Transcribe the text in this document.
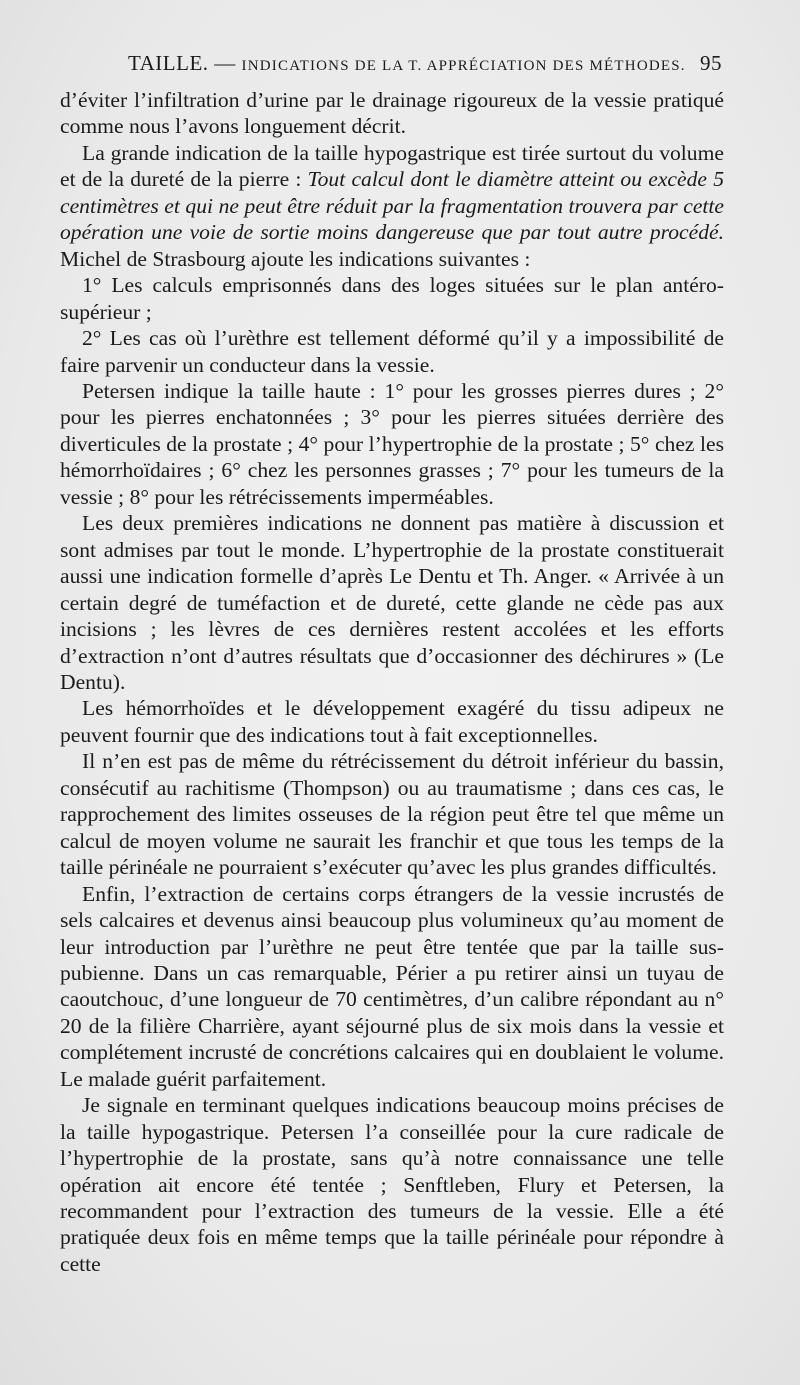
TAILLE. — INDICATIONS DE LA T. APPRÉCIATION DES MÉTHODES. 95

d’éviter l’infiltration d’urine par le drainage rigoureux de la vessie pratiqué comme nous l’avons longuement décrit.

La grande indication de la taille hypogastrique est tirée surtout du volume et de la dureté de la pierre : Tout calcul dont le diamètre atteint ou excède 5 centimètres et qui ne peut être réduit par la fragmentation trouvera par cette opération une voie de sortie moins dangereuse que par tout autre procédé. Michel de Strasbourg ajoute les indications suivantes :

1° Les calculs emprisonnés dans des loges situées sur le plan antéro-supérieur ;

2° Les cas où l’urèthre est tellement déformé qu’il y a impossibilité de faire parvenir un conducteur dans la vessie.

Petersen indique la taille haute : 1° pour les grosses pierres dures ; 2° pour les pierres enchatonnées ; 3° pour les pierres situées derrière des diverticules de la prostate ; 4° pour l’hypertrophie de la prostate ; 5° chez les hémorrhoïdaires ; 6° chez les personnes grasses ; 7° pour les tumeurs de la vessie ; 8° pour les rétrécissements imperméables.

Les deux premières indications ne donnent pas matière à discussion et sont admises par tout le monde. L’hypertrophie de la prostate constituerait aussi une indication formelle d’après Le Dentu et Th. Anger. « Arrivée à un certain degré de tuméfaction et de dureté, cette glande ne cède pas aux incisions ; les lèvres de ces dernières restent accolées et les efforts d’extraction n’ont d’autres résultats que d’occasionner des déchirures » (Le Dentu).

Les hémorrhoïdes et le développement exagéré du tissu adipeux ne peuvent fournir que des indications tout à fait exceptionnelles.

Il n’en est pas de même du rétrécissement du détroit inférieur du bassin, consécutif au rachitisme (Thompson) ou au traumatisme ; dans ces cas, le rapprochement des limites osseuses de la région peut être tel que même un calcul de moyen volume ne saurait les franchir et que tous les temps de la taille périnéale ne pourraient s’exécuter qu’avec les plus grandes difficultés.

Enfin, l’extraction de certains corps étrangers de la vessie incrustés de sels calcaires et devenus ainsi beaucoup plus volumineux qu’au moment de leur introduction par l’urèthre ne peut être tentée que par la taille sus-pubienne. Dans un cas remarquable, Périer a pu retirer ainsi un tuyau de caoutchouc, d’une longueur de 70 centimètres, d’un calibre répondant au n° 20 de la filière Charrière, ayant séjourné plus de six mois dans la vessie et complétement incrusté de concrétions calcaires qui en doublaient le volume. Le malade guérit parfaitement.

Je signale en terminant quelques indications beaucoup moins précises de la taille hypogastrique. Petersen l’a conseillée pour la cure radicale de l’hypertrophie de la prostate, sans qu’à notre connaissance une telle opération ait encore été tentée ; Senftleben, Flury et Petersen, la recommandent pour l’extraction des tumeurs de la vessie. Elle a été pratiquée deux fois en même temps que la taille périnéale pour répondre à cette
